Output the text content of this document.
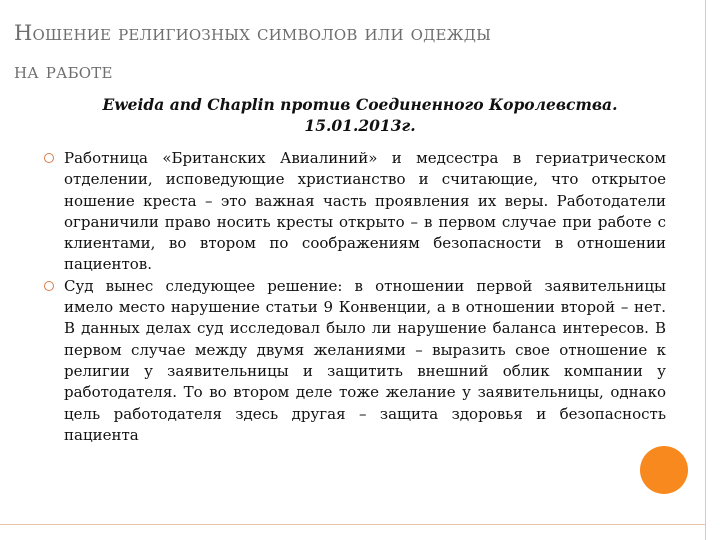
Ношение религиозных символов или одежды
на работе

Eweida and Chaplin против Соединенного Королевства.
15.01.2013г.

Работница «Британских Авиалиний» и медсестра в гериатрическом отделении, исповедующие христианство и считающие, что открытое ношение креста – это важная часть проявления их веры. Работодатели ограничили право носить кресты открыто – в первом случае при работе с клиентами, во втором по соображениям безопасности в отношении пациентов.
Суд вынес следующее решение: в отношении первой заявительницы имело место нарушение статьи 9 Конвенции, а в отношении второй – нет. В данных делах суд исследовал было ли нарушение баланса интересов. В первом случае между двумя желаниями – выразить свое отношение к религии у заявительницы и защитить внешний облик компании у работодателя. То во втором деле тоже желание у заявительницы, однако цель работодателя здесь другая – защита здоровья и безопасность пациента
